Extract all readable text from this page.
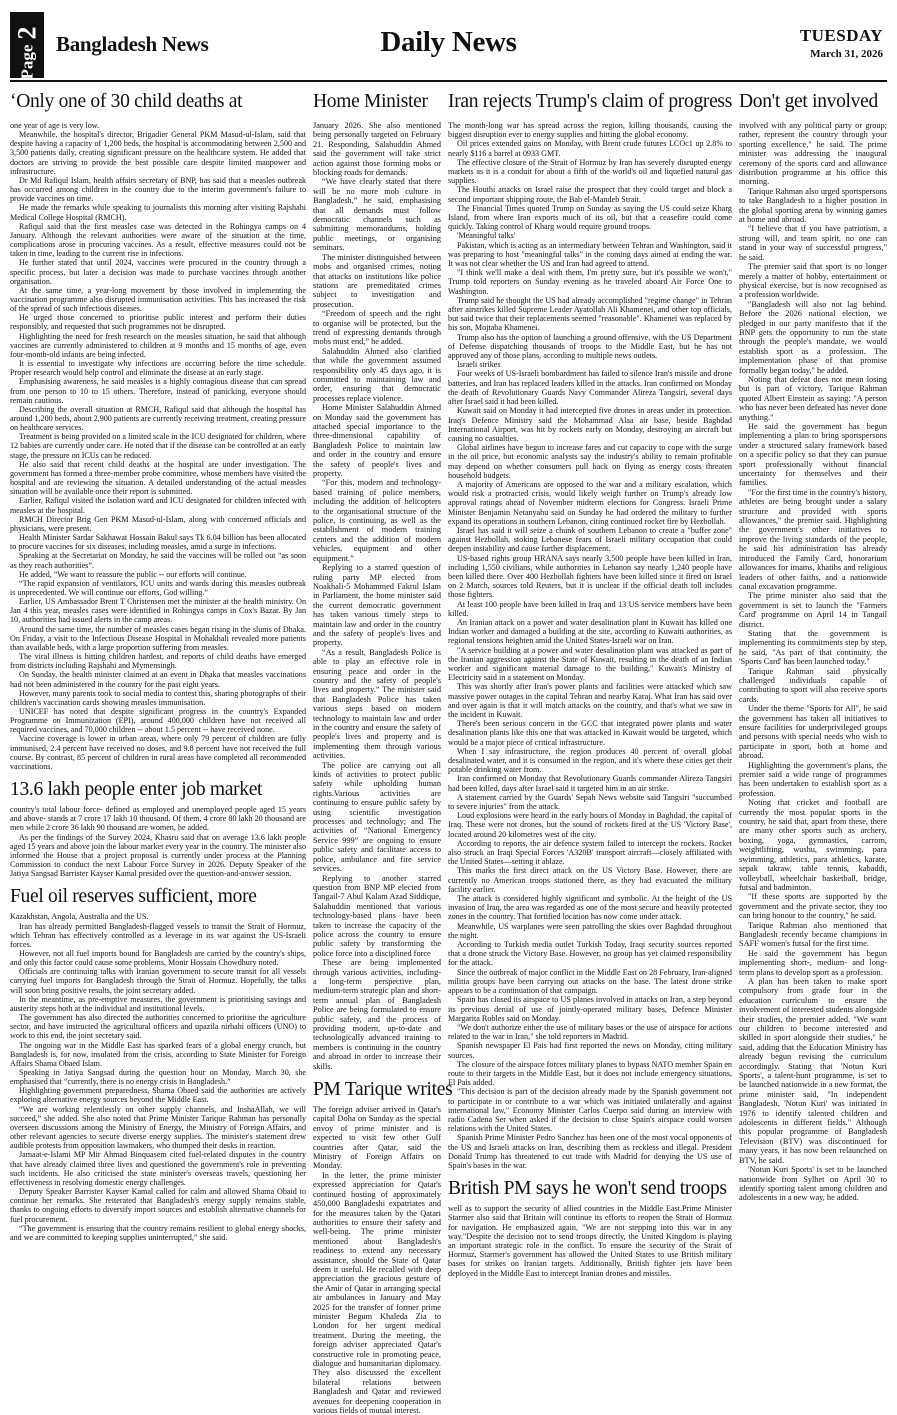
2
Page
Bangladesh News	Daily News	TUESDAY
March 31, 2026
‘Only one of 30 child deaths at

one year of age is very low.

Meanwhile, the hospital's director, Brigadier General PKM Masud-ul-Islam, said that despite having a capacity of 1,200 beds, the hospital is accommodating between 2,500 and 3,500 patients daily, creating significant pressure on the healthcare system. He added that doctors are striving to provide the best possible care despite limited manpower and infrastructure.

Dr Md Rafiqul Islam, health affairs secretary of BNP, has said that a measles outbreak has occurred among children in the country due to the interim government's failure to provide vaccines on time.

He made the remarks while speaking to journalists this morning after visiting Rajshahi Medical College Hospital (RMCH).

Rafiqul said that the first measles case was detected in the Rohingya camps on 4 January. Although the relevant authorities were aware of the situation at the time, complications arose in procuring vaccines. As a result, effective measures could not be taken in time, leading to the current rise in infections.

He further stated that until 2024, vaccines were procured in the country through a specific process, but later a decision was made to purchase vaccines through another organisation.

At the same time, a year-long movement by those involved in implementing the vaccination programme also disrupted immunisation activities. This has increased the risk of the spread of such infectious diseases.

He urged those concerned to prioritise public interest and perform their duties responsibly, and requested that such programmes not be disrupted.

Highlighting the need for fresh research on the measles situation, he said that although vaccines are currently administered to children at 9 months and 15 months of age, even four-month-old infants are being infected.

It is essential to investigate why infections are occurring before the time schedule. Proper research would help control and eliminate the disease at an early stage.

Emphasising awareness, he said measles is a highly contagious disease that can spread from one person to 10 to 15 others. Therefore, instead of panicking, everyone should remain cautious.

Describing the overall situation at RMCH, Rafiqul said that although the hospital has around 1,200 beds, about 2,900 patients are currently receiving treatment, creating pressure on healthcare services.

Treatment is being provided on a limited scale in the ICU designated for children, where 12 babies are currently under care. He noted that if the disease can be controlled at an early stage, the pressure on ICUs can be reduced.

He also said that recent child deaths at the hospital are under investigation. The government has formed a three-member probe committee, whose members have visited the hospital and are reviewing the situation. A detailed understanding of the actual measles situation will be available once their report is submitted.

Earlier, Rafiqul visited the isolation ward and ICU designated for children infected with measles at the hospital.

RMCH Director Brig Gen PKM Masud-ul-Islam, along with concerned officials and physicians, were present.

Health Minister Sardar Sakhawat Hossain Bakul says Tk 6.04 billion has been allocated to procure vaccines for six diseases, including measles, amid a surge in infections.

Speaking at the Secretariat on Monday, he said the vaccines will be rolled out “as soon as they reach authorities”.

He added, “We want to reassure the public -- our efforts will continue.

“The rapid expansion of ventilators, ICU units and wards during this measles outbreak is unprecedented. We will continue our efforts, God willing.”

Earlier, US Ambassador Brent T Christensen met the minister at the health ministry. On Jan 4 this year, measles cases were identified in Rohingya camps in Cox's Bazar. By Jan 10, authorities had issued alerts in the camp areas.

Around the same time, the number of measles cases began rising in the slums of Dhaka. On Friday, a visit to the Infectious Disease Hospital in Mohakhali revealed more patients than available beds, with a large proportion suffering from measles.

The viral illness is hitting children hardest, and reports of child deaths have emerged from districts including Rajshahi and Mymensingh.

On Sunday, the health minister claimed at an event in Dhaka that measles vaccinations had not been administered in the country for the past eight years.

However, many parents took to social media to contest this, sharing photographs of their children's vaccination cards showing measles immunisation.

UNICEF has noted that despite significant progress in the country's Expanded Programme on Immunization (EPI), around 400,000 children have not received all required vaccines, and 70,000 children -- about 1.5 percent -- have received none.

Vaccine coverage is lower in urban areas, where only 79 percent of children are fully immunised, 2.4 percent have received no doses, and 9.8 percent have not received the full course. By contrast, 85 percent of children in rural areas have completed all recommended vaccinations.

13.6 lakh people enter job market

country's total labour force- defined as employed and unemployed people aged 15 years and above- stands at 7 crore 17 lakh 10 thousand. Of them, 4 crore 80 lakh 20 thousand are men while 2 crore 36 lakh 90 thousand are women, he added.

As per the findings of the Survey 2024, Khasru said that on average 13.6 lakh people aged 15 years and above join the labour market every year in the country. The minister also informed the House that a project proposal is currently under process at the Planning Commission to conduct the next Labour Force Survey in 2026. Deputy Speaker of the Jatiya Sangsad Barrister Kayser Kamal presided over the question-and-answer session.

Fuel oil reserves sufficient, more

Kazakhstan, Angola, Australia and the US.

Iran has already permitted Bangladesh-flagged vessels to transit the Strait of Hormuz, which Tehran has effectively controlled as a leverage in its war against the US-Israeli forces.

However, not all fuel imports bound for Bangladesh are carried by the country's ships, and only this factor could cause some problems, Monir Hossain Chowdhury noted.

Officials are continuing talks with Iranian government to secure transit for all vessels carrying fuel imports for Bangladesh through the Strait of Hormuz. Hopefully, the talks will soon bring positive results, the joint secretary added.

In the meantime, as pre-emptive measures, the government is prioritising savings and austerity steps both at the individual and institutional levels.

The government has also directed the authorities concerned to prioritise the agriculture sector, and have instructed the agricultural officers and upazila nirbahi officers (UNO) to work to this end, the joint secretary said.

The ongoing war in the Middle East has sparked fears of a global energy crunch, but Bangladesh is, for now, insulated from the crisis, according to State Minister for Foreign Affairs Shama Obaed Islam.

Speaking in Jatiya Sangsad during the question hour on Monday, March 30, she emphasised that “currently, there is no energy crisis in Bangladesh.”

Highlighting government preparedness, Shama Obaed said the authorities are actively exploring alternative energy sources beyond the Middle East.

“We are working relentlessly on other supply channels, and InshaAllah, we will succeed,” she added. She also noted that Prime Minister Tarique Rahman has personally overseen discussions among the Ministry of Energy, the Ministry of Foreign Affairs, and other relevant agencies to secure diverse energy supplies. The minister's statement drew audible protests from opposition lawmakers, who thumped their desks in reaction.

Jamaat-e-Islami MP Mir Ahmad Binquasem cited fuel-related disputes in the country that have already claimed three lives and questioned the government's role in preventing such incidents. He also criticised the state minister's overseas travels, questioning her effectiveness in resolving domestic energy challenges.

Deputy Speaker Barrister Kayser Kamal called for calm and allowed Shama Obaid to continue her remarks. She reiterated that Bangladesh's energy supply remains stable, thanks to ongoing efforts to diversify import sources and establish alternative channels for fuel procurement.

“The government is ensuring that the country remains resilient to global energy shocks, and we are committed to keeping supplies uninterrupted,” she said.

Home Minister

January 2026. She also mentioned being personally targeted on February 21. Responding, Salahuddin Ahmed said the government will take strict action against those forming mobs or blocking roads for demands.

“We have clearly stated that there will be no more mob culture in Bangladesh,” he said, emphasising that all demands must follow democratic channels such as submitting memorandums, holding public meetings, or organising seminars.

The minister distinguished between mobs and organised crimes, noting that attacks on institutions like police stations are premeditated crimes subject to investigation and prosecution.

“Freedom of speech and the right to organise will be protected, but the trend of expressing demands through mobs must end,” he added.

Salahuddin Ahmed also clarified that while the government assumed responsibility only 45 days ago, it is committed to maintaining law and order, ensuring that democratic processes replace violence.

Home Minister Salahuddin Ahmed on Monday said the government has attached special importance to the three-dimensional capability of Bangladesh Police to maintain law and order in the country and ensure the safety of people's lives and property.

“For this, modern and technology-based training of police members, including the addition of helicopters to the organisational structure of the police, is continuing, as well as the establishment of modern training centers and the addition of modern vehicles, equipment and other equipment.”

Replying to a starred question of ruling party MP elected from Noakhali-5 Mohammed Fakrul Islam in Parliament, the home minister said the current democratic government has taken various timely steps to maintain law and order in the country and the safety of people's lives and property.

“As a result, Bangladesh Police is able to play an effective role in ensuring peace and order in the country and the safety of people's lives and property.” The minister said that Bangladesh Police has taken various steps based on modern technology to maintain law and order in the country and ensure the safety of people's lives and property and is implementing them through various activities.

The police are carrying out all kinds of activities to protect public safety while upholding human rights.Various activities are continuing to ensure public safety by using scientific investigation processes and technology; and The activities of “National Emergency Service 999” are ongoing to ensure public safety and facilitate access to police, ambulance and fire service services.

Replying to another starred question from BNP MP elected from Tangail-7 Abul Kalam Azad Siddique, Salahuddin mentioned that various technology-based plans have been taken to increase the capacity of the police across the country to ensure public safety by transforming the police force into a disciplined force

These are being implemented through various activities, including- a long-term perspective plan, medium-term strategic plan and short-term annual plan of Bangladesh Police are being formulated to ensure public safety, and the process of providing modern, up-to-date and technologically advanced training to members is continuing in the country and abroad in order to increase their skills.

PM Tarique writes

The foreign adviser arrived in Qatar's capital Doha on Sunday as the special envoy of prime minister and is expected to visit few other Gulf countries after Qatar, said the Ministry of Foreign Affairs on Monday.

In the letter, the prime minister expressed appreciation for Qatar's continued hosting of approximately 450,000 Bangladeshi expatriates and for the measures taken by the Qatari authorities to ensure their safety and well-being. The prime minister mentioned about Bangladesh's readiness to extend any necessary assistance, should the State of Qatar deem it useful. He recalled with deep appreciation the gracious gesture of the Amir of Qatar in arranging special air ambulances in January and May 2025 for the transfer of former prime minister Begum Khaleda Zia to London for her urgent medical treatment. During the meeting, the foreign adviser appreciated Qatar's constructive role in promoting peace, dialogue and humanitarian diplomacy. They also discussed the excellent bilateral relations between Bangladesh and Qatar and reviewed avenues for deepening cooperation in various fields of mutual interest.

Iran rejects Trump's claim of progress

The month-long war has spread across the region, killing thousands, causing the biggest disruption ever to energy supplies and hitting the global economy.

Oil prices extended gains on Monday, with Brent crude futures LCOc1 up 2.8% to nearly $116 a barrel at 0933 GMT.

The effective closure of the Strait of Hormuz by Iran has severely disrupted energy markets as it is a conduit for about a fifth of the world's oil and liquefied natural gas supplies.

The Houthi attacks on Israel raise the prospect that they could target and block a second important shipping route, the Bab el-Mandeb Strait.

The Financial Times quoted Trump on Sunday as saying the US could seize Kharg Island, from where Iran exports much of its oil, but that a ceasefire could come quickly. Taking control of Kharg would require ground troops.

'Meaningful talks'

Pakistan, which is acting as an intermediary between Tehran and Washington, said it was preparing to host "meaningful talks" in the coming days aimed at ending the war. It was not clear whether the US and Iran had agreed to attend.

"I think we'll make a deal with them, I'm pretty sure, but it's possible we won't," Trump told reporters on Sunday evening as he traveled aboard Air Force One to Washington.

Trump said he thought the US had already accomplished "regime change" in Tehran after airstrikes killed Supreme Leader Ayatollah Ali Khamenei, and other top officials, but said twice that their replacements seemed "reasonable". Khamenei was replaced by his son, Mojtaba Khamenei.

Trump also has the option of launching a ground offensive, with the US Department of Defense dispatching thousands of troops to the Middle East, but he has not approved any of those plans, according to multiple news outlets.

Israeli strikes

Four weeks of US-Israeli bombardment has failed to silence Iran's missile and drone batteries, and Iran has replaced leaders killed in the attacks. Iran confirmed on Monday the death of Revolutionary Guards Navy Commander Alireza Tangsiri, several days after Israel said it had been killed.

Kuwait said on Monday it had intercepted five drones in areas under its protection. Iraq's Defence Ministry said the Mohammad Alaa air base, beside Baghdad International Airport, was hit by rockets early on Monday, destroying an aircraft but causing no casualties.

Global airlines have begun to increase fares and cut capacity to cope with the surge in the oil price, but economic analysts say the industry's ability to remain profitable may depend on whether consumers pull back on flying as energy costs threaten household budgets.

A majority of Americans are opposed to the war and a military escalation, which would risk a protracted crisis, would likely weigh further on Trump's already low approval ratings ahead of November midterm elections for Congress. Israeli Prime Minister Benjamin Netanyahu said on Sunday he had ordered the military to further expand its operations in southern Lebanon, citing continued rocket fire by Hezbollah.

Israel has said it will seize a chunk of southern Lebanon to create a "buffer zone" against Hezbollah, stoking Lebanese fears of Israeli military occupation that could deepen instability and cause further displacement.

US-based rights group HRANA says nearly 3,500 people have been killed in Iran, including 1,550 civilians, while authorities in Lebanon say nearly 1,240 people have been killed there. Over 400 Hezbollah fighters have been killed since it fired on Israel on 2 March, sources told Reuters, but it is unclear if the official death toll includes those fighters.

At least 100 people have been killed in Iraq and 13 US service members have been killed.

An Iranian attack on a power and water desalination plant in Kuwait has killed one Indian worker and damaged a building at the site, according to Kuwaiti authorities, as regional tensions heighten amid the United States-Israeli war on Iran.

"A service building at a power and water desalination plant was attacked as part of the Iranian aggression against the State of Kuwait, resulting in the death of an Indian worker and significant material damage to the building," Kuwait's Ministry of Electricity said in a statement on Monday.

This was shortly after Iran's power plants and facilities were attacked which saw massive power outages in the capital Tehran and nearby Karaj. What Iran has said over and over again is that it will match attacks on the country, and that's what we saw in the incident in Kuwait.

There's been serious concern in the GCC that integrated power plants and water desalination plants like this one that was attacked in Kuwait would be targeted, which would be a major piece of critical infrastructure.

When I say infrastructure, the region produces 40 percent of overall global desalinated water, and it is consumed in the region, and it's where these cities get their potable drinking water from.

Iran confirmed on Monday that Revolutionary Guards commander Alireza Tangsiri had been killed, days after Israel said it targeted him in an air strike.

A statement carried by the Guards' Sepah News website said Tangsiri "succumbed to severe injuries" from the attack.

Loud explosions were heard in the early hours of Monday in Baghdad, the capital of Iraq. These were not drones, but the sound of rockets fired at the US 'Victory Base', located around 20 kilometres west of the city.

According to reports, the air defence system failed to intercept the rockets. Rocket also struck an Iraqi Special Forces 'A320B' transport aircraft—closely affiliated with the United States—setting it ablaze.

This marks the first direct attack on the US Victory Base. However, there are currently no American troops stationed there, as they had evacuated the military facility earlier.

The attack is considered highly significant and symbolic. At the height of the US invasion of Iraq, the area was regarded as one of the most secure and heavily protected zones in the country. That fortified location has now come under attack.

Meanwhile, US warplanes were seen patrolling the skies over Baghdad throughout the night.

According to Turkish media outlet Turkish Today, Iraqi security sources reported that a drone struck the Victory Base. However, no group has yet claimed responsibility for the attack.

Since the outbreak of major conflict in the Middle East on 28 February, Iran-aligned militia groups have been carrying out attacks on the base. The latest drone strike appears to be a continuation of that campaign.

Spain has closed its airspace to US planes involved in attacks on Iran, a step beyond its previous denial of use of jointly-operated military bases, Defence Minister Margarita Robles said on Monday.

"We don't authorize either the use of military bases or the use of airspace for actions related to the war in Iran," she told reporters in Madrid.

Spanish newspaper El Pais had first reported the news on Monday, citing military sources.

The closure of the airspace forces military planes to bypass NATO member Spain en route to their targets in the Middle East, but it does not include emergency situations, El Pais added.

"This decision is part of the decision already made by the Spanish government not to participate in or contribute to a war which was initiated unilaterally and against international law," Economy Minister Carlos Cuerpo said during an interview with radio Cadena Ser when asked if the decision to close Spain's airspace could worsen relations with the United States.

Spanish Prime Minister Pedro Sanchez has been one of the most vocal opponents of the US and Israeli attacks on Iran, describing them as reckless and illegal. President Donald Trump has threatened to cut trade with Madrid for denying the US use of Spain's bases in the war.

British PM says he won't send troops

well as to support the security of allied countries in the Middle East.Prime Minister Starmer also said that Britain will continue its efforts to reopen the Strait of Hormuz for navigation. He emphasized again, "We are not stepping into this war in any way."Despite the decision not to send troops directly, the United Kingdom is playing an important strategic role in the conflict. To ensure the security of the Strait of Hormuz, Starmer's government has allowed the United States to use British military bases for strikes on Iranian targets. Additionally, British fighter jets have been deployed in the Middle East to intercept Iranian drones and missiles.

Don't get involved

involved with any political party or group; rather, represent the country through your sporting excellence," he said. The prime minister was addressing the inaugural ceremony of the sports card and allowance distribution programme at his office this morning.

Tarique Rahman also urged sportspersons to take Bangladesh to a higher position in the global sporting arena by winning games at home and abroad.

"I believe that if you have patriotism, a strong will, and team spirit, no one can stand in your way of successful progress," he said.

The premier said that sport is no longer merely a matter of hobby, entertainment or physical exercise, but is now recognised as a profession worldwide.

"Bangladesh will also not lag behind. Before the 2026 national election, we pledged in our party manifesto that if the BNP gets the opportunity to run the state through the people's mandate, we would establish sport as a profession. The implementation phase of that promise formally began today," he added.

Noting that defeat does not mean losing but is part of victory, Tarique Rahman quoted Albert Einstein as saying: "A person who has never been defeated has never done anything."

He said the government has begun implementing a plan to bring sportspersons under a structured salary framework based on a specific policy so that they can pursue sport professionally without financial uncertainty for themselves and their families.

"For the first time in the country's history, athletes are being brought under a salary structure and provided with sports allowances," the premier said. Highlighting the government's other initiatives to improve the living standards of the people, he said his administration has already introduced the Family Card, honorarium allowances for imams, khatibs and religious leaders of other faiths, and a nationwide canal excavation programme.

The prime minister also said that the government is set to launch the "Farmers Card' programme on April 14 in Tangail district.

Stating that the government is implementing its commitments step by step, he said, "As part of that continuity, the 'Sports Card' has been launched today."

Tarique Rahman said physically challenged individuals capable of contributing to sport will also receive sports cards.

Under the theme "Sports for All", he said the government has taken all initiatives to ensure facilities for underprivileged groups and persons with special needs who wish to participate in sport, both at home and abroad.

Highlighting the government's plans, the premier said a wide range of programmes has been undertaken to establish sport as a profession.

Noting that cricket and football are currently the most popular sports in the country, he said that, apart from these, there are many other sports such as archery, boxing, yoga, gymnastics, carrom, weightlifting, wushu, swimming, para swimming, athletics, para athletics, karate, sepak takraw, table tennis, kabaddi, volleyball, wheelchair basketball, bridge, futsal and badminton.

"If these sports are supported by the government and the private sector, they too can bring honour to the country," he said.

Tarique Rahman also mentioned that Bangladesh recently became champions in SAFF women's futsal for the first time.

He said the government has begun implementing short-, medium- and long-term plans to develop sport as a profession.

A plan has been taken to make sport compulsory from grade four in the education curriculum to ensure the involvement of interested students alongside their studies, the premier added. "We want our children to become interested and skilled in sport alongside their studies," he said, adding that the Education Ministry has already begun revising the curriculum accordingly. Stating that 'Notun Kuri Sports', a talent-hunt programme, is set to be launched nationwide in a new format, the prime minister said, "In independent Bangladesh, 'Notun Kuri' was initiated in 1976 to identify talented children and adolescents in different fields." Although this popular programme of Bangladesh Television (BTV) was discontinued for many years, it has now been relaunched on BTV, he said.

'Notun Kuri Sports' is set to be launched nationwide from Sylhet on April 30 to identify sporting talent among children and adolescents in a new way, he added.
